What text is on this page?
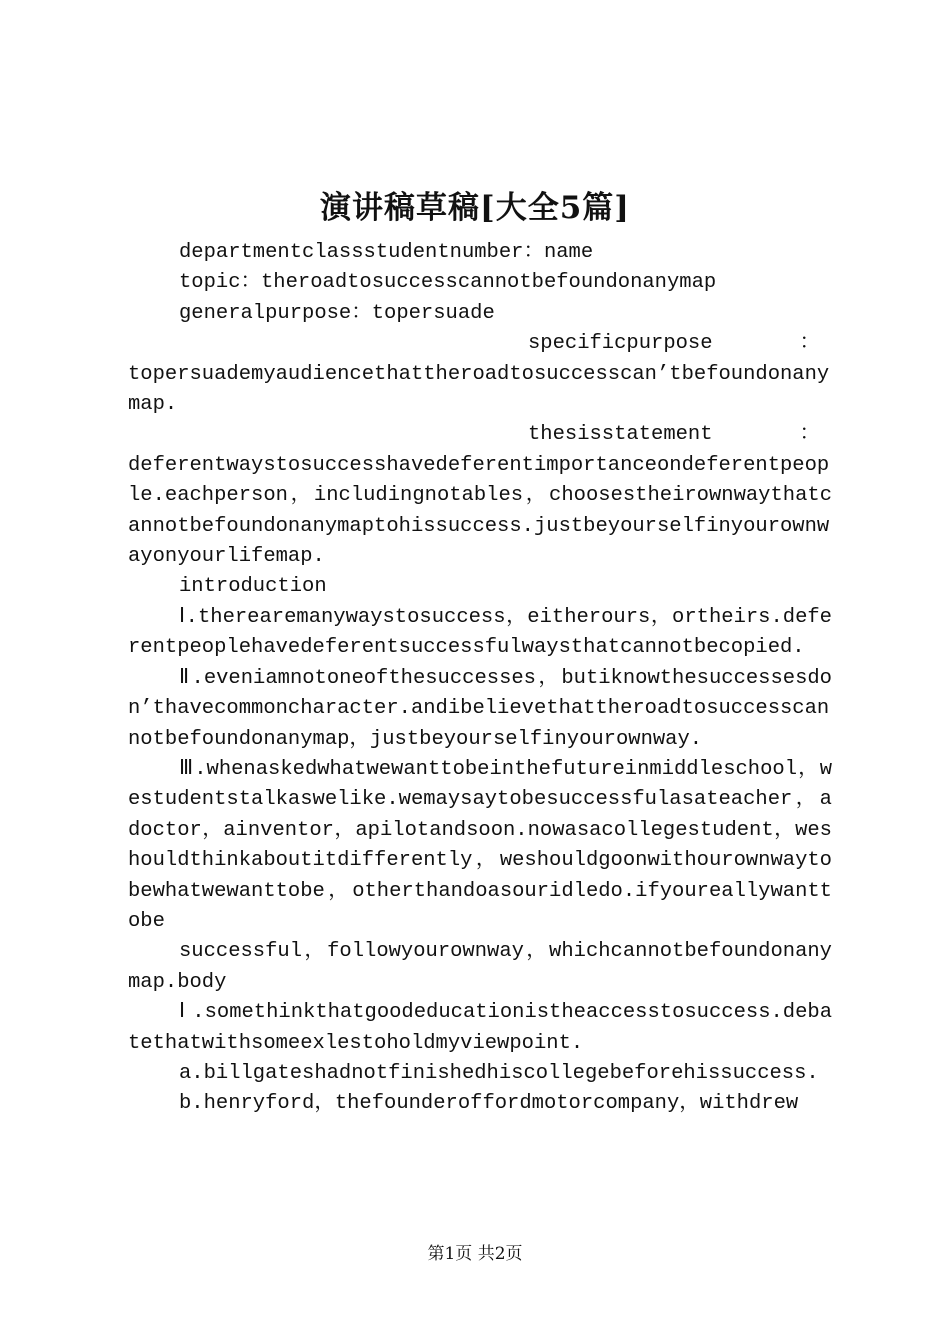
演讲稿草稿[大全5篇]

departmentclassstudentnumber：name

topic：theroadtosuccesscannotbefoundonanymap

generalpurpose：topersuade

specificpurpose	：

topersuademyaudiencethattheroadtosuccesscan’tbefoundonanymap.

thesisstatement	：

deferentwaystosuccesshavedeferentimportanceondeferentpeople.eachperson，includingnotables，choosestheirownwaythatcannotbefoundonanymaptohissuccess.justbeyourselfinyourownwayonyourlifemap.

introduction

Ⅰ.therearemanywaystosuccess，eitherours，ortheirs.deferentpeoplehavedeferentsuccessfulwaysthatcannotbecopied.

Ⅱ.eveniamnotoneofthesuccesses，butiknowthesuccessesdon’thavecommoncharacter.andibelievethattheroadtosuccesscannotbefoundonanymap，justbeyourselfinyourownway.

Ⅲ.whenaskedwhatwewanttobeinthefutureinmiddleschool，westudentstalkaswelike.wemaysaytobesuccessfulasateacher，adoctor，ainventor，apilotandsoon.nowasacollegestudent，weshouldthinkaboutitdifferently，weshouldgoonwithourownwaytobewhatwewanttobe，otherthandoasouridledo.ifyoureallywanttobe

successful，followyourownway，whichcannotbefoundonanymap.body

Ⅰ.somethinkthatgoodeducationistheaccesstosuccess.debatethatwithsomeexlestoholdmyviewpoint.

a.billgateshadnotfinishedhiscollegebeforehissuccess.

b.henryford，thefounderoffordmotorcompany，withdrew

第1页 共2页
